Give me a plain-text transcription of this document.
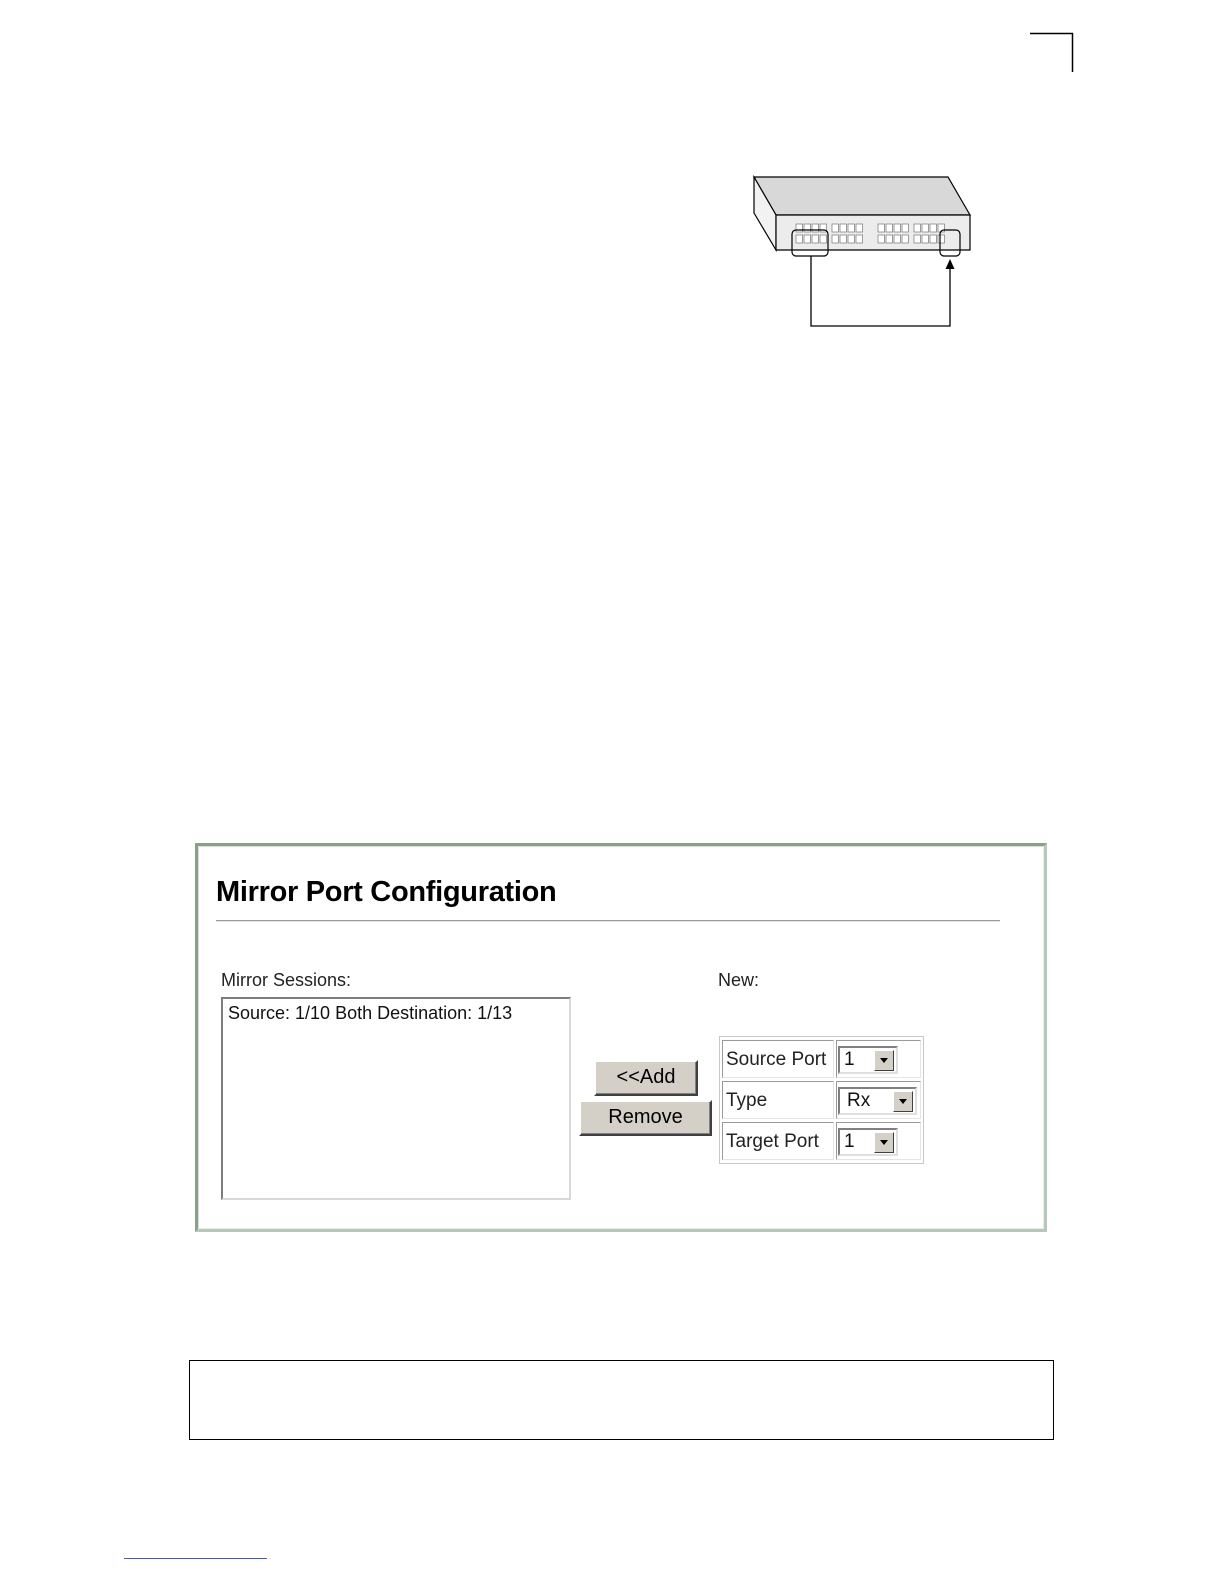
Mirror Port Configuration
Mirror Sessions:	New:
Source: 1/10 Both Destination: 1/13
<<Add
Remove
Source Port 1
Type	Rx
Target Port	1
